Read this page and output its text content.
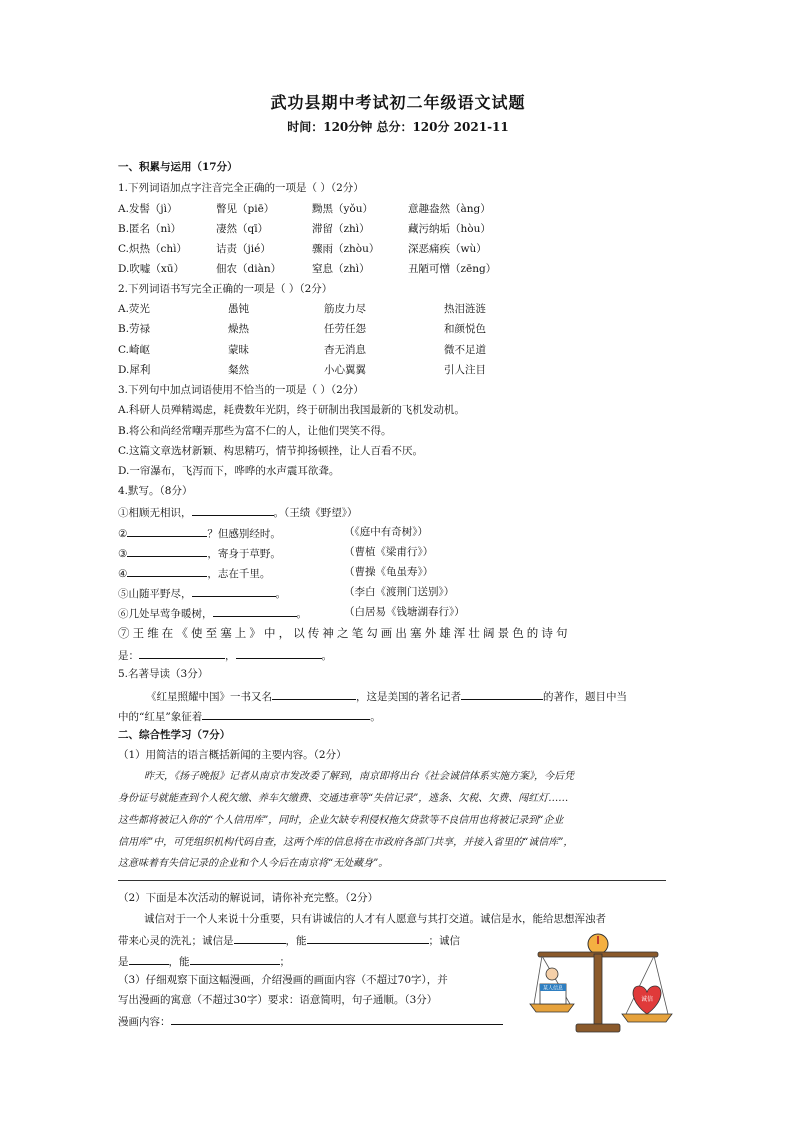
武功县期中考试初二年级语文试题
时间：120分钟 总分：120分 2021-11
一、积累与运用（17分）
1.下列词语加点字注音完全正确的一项是（ ）（2分）
A.发髻（jì）	瞥见（piē）	黝黑（yǒu）	意趣盎然（àng）
B.匿名（nì）	凄然（qī）	滞留（zhì）	藏污纳垢（hòu）
C.炽热（chì）	诘责（jié）	骤雨（zhòu）	深恶痛疾（wù）
D.吹嘘（xū）	佃农（diàn）	窒息（zhì）	丑陋可憎（zēng）
2.下列词语书写完全正确的一项是（ ）（2分）
A.荧光	愚钝	筋皮力尽	热泪涟涟
B.劳禄	燥热	任劳任怨	和颜悦色
C.崎岖	蒙昧	杳无消息	微不足道
D.犀利	粲然	小心翼翼	引人注目
3.下列句中加点词语使用不恰当的一项是（ ）（2分）
A.科研人员殚精竭虑，耗费数年光阴，终于研制出我国最新的飞机发动机。
B.将公和尚经常嘲弄那些为富不仁的人，让他们哭笑不得。
C.这篇文章选材新颖、构思精巧，情节抑扬顿挫，让人百看不厌。
D.一帘瀑布，飞泻而下，哗哗的水声震耳欲聋。
4.默写。（8分）
①相顾无相识，	。（王绩《野望》）
②	？但感别经时。	（《庭中有奇树》）
③	，寄身于草野。	（曹植《梁甫行》）
④	，志在千里。	（曹操《龟虽寿》）
⑤山随平野尽，	。	（李白《渡荆门送别》）
⑥几处早莺争暖树，	。	（白居易《钱塘湖春行》）
⑦王维在《使至塞上》中，以传神之笔勾画出塞外雄浑壮阔景色的诗句
是：	，	。
5.名著导读（3分）
《红星照耀中国》一书又名	，这是美国的著名记者	的著作，题目中当
中的“红星”象征着	。
二、综合性学习（7分）
（1）用简洁的语言概括新闻的主要内容。（2分）
昨天，《扬子晚报》记者从南京市发改委了解到，南京即将出台《社会诚信体系实施方案》，今后凭
身份证号就能查到个人税欠缴、养车欠缴费、交通违章等“失信记录”，逃条、欠税、欠费、闯红灯……
这些都将被记入你的“个人信用库”，同时，企业欠缺专利侵权拖欠贷款等不良信用也将被记录到“企业
信用库”中，可凭组织机构代码自查，这两个库的信息将在市政府各部门共享，并接入省里的“诚信库”，
这意味着有失信记录的企业和个人今后在南京将“无处藏身”。
（2）下面是本次活动的解说词，请你补充完整。（2分）
诚信对于一个人来说十分重要，只有讲诚信的人才有人愿意与其打交道。诚信是水，能给思想浑浊者
带来心灵的洗礼；诚信是	，能	；诚信
是	，能	；
（3）仔细观察下面这幅漫画，介绍漫画的画面内容（不超过70字），并
写出漫画的寓意（不超过30字）要求：语意简明，句子通顺。（3分）
漫画内容：
某人信息
诚信
